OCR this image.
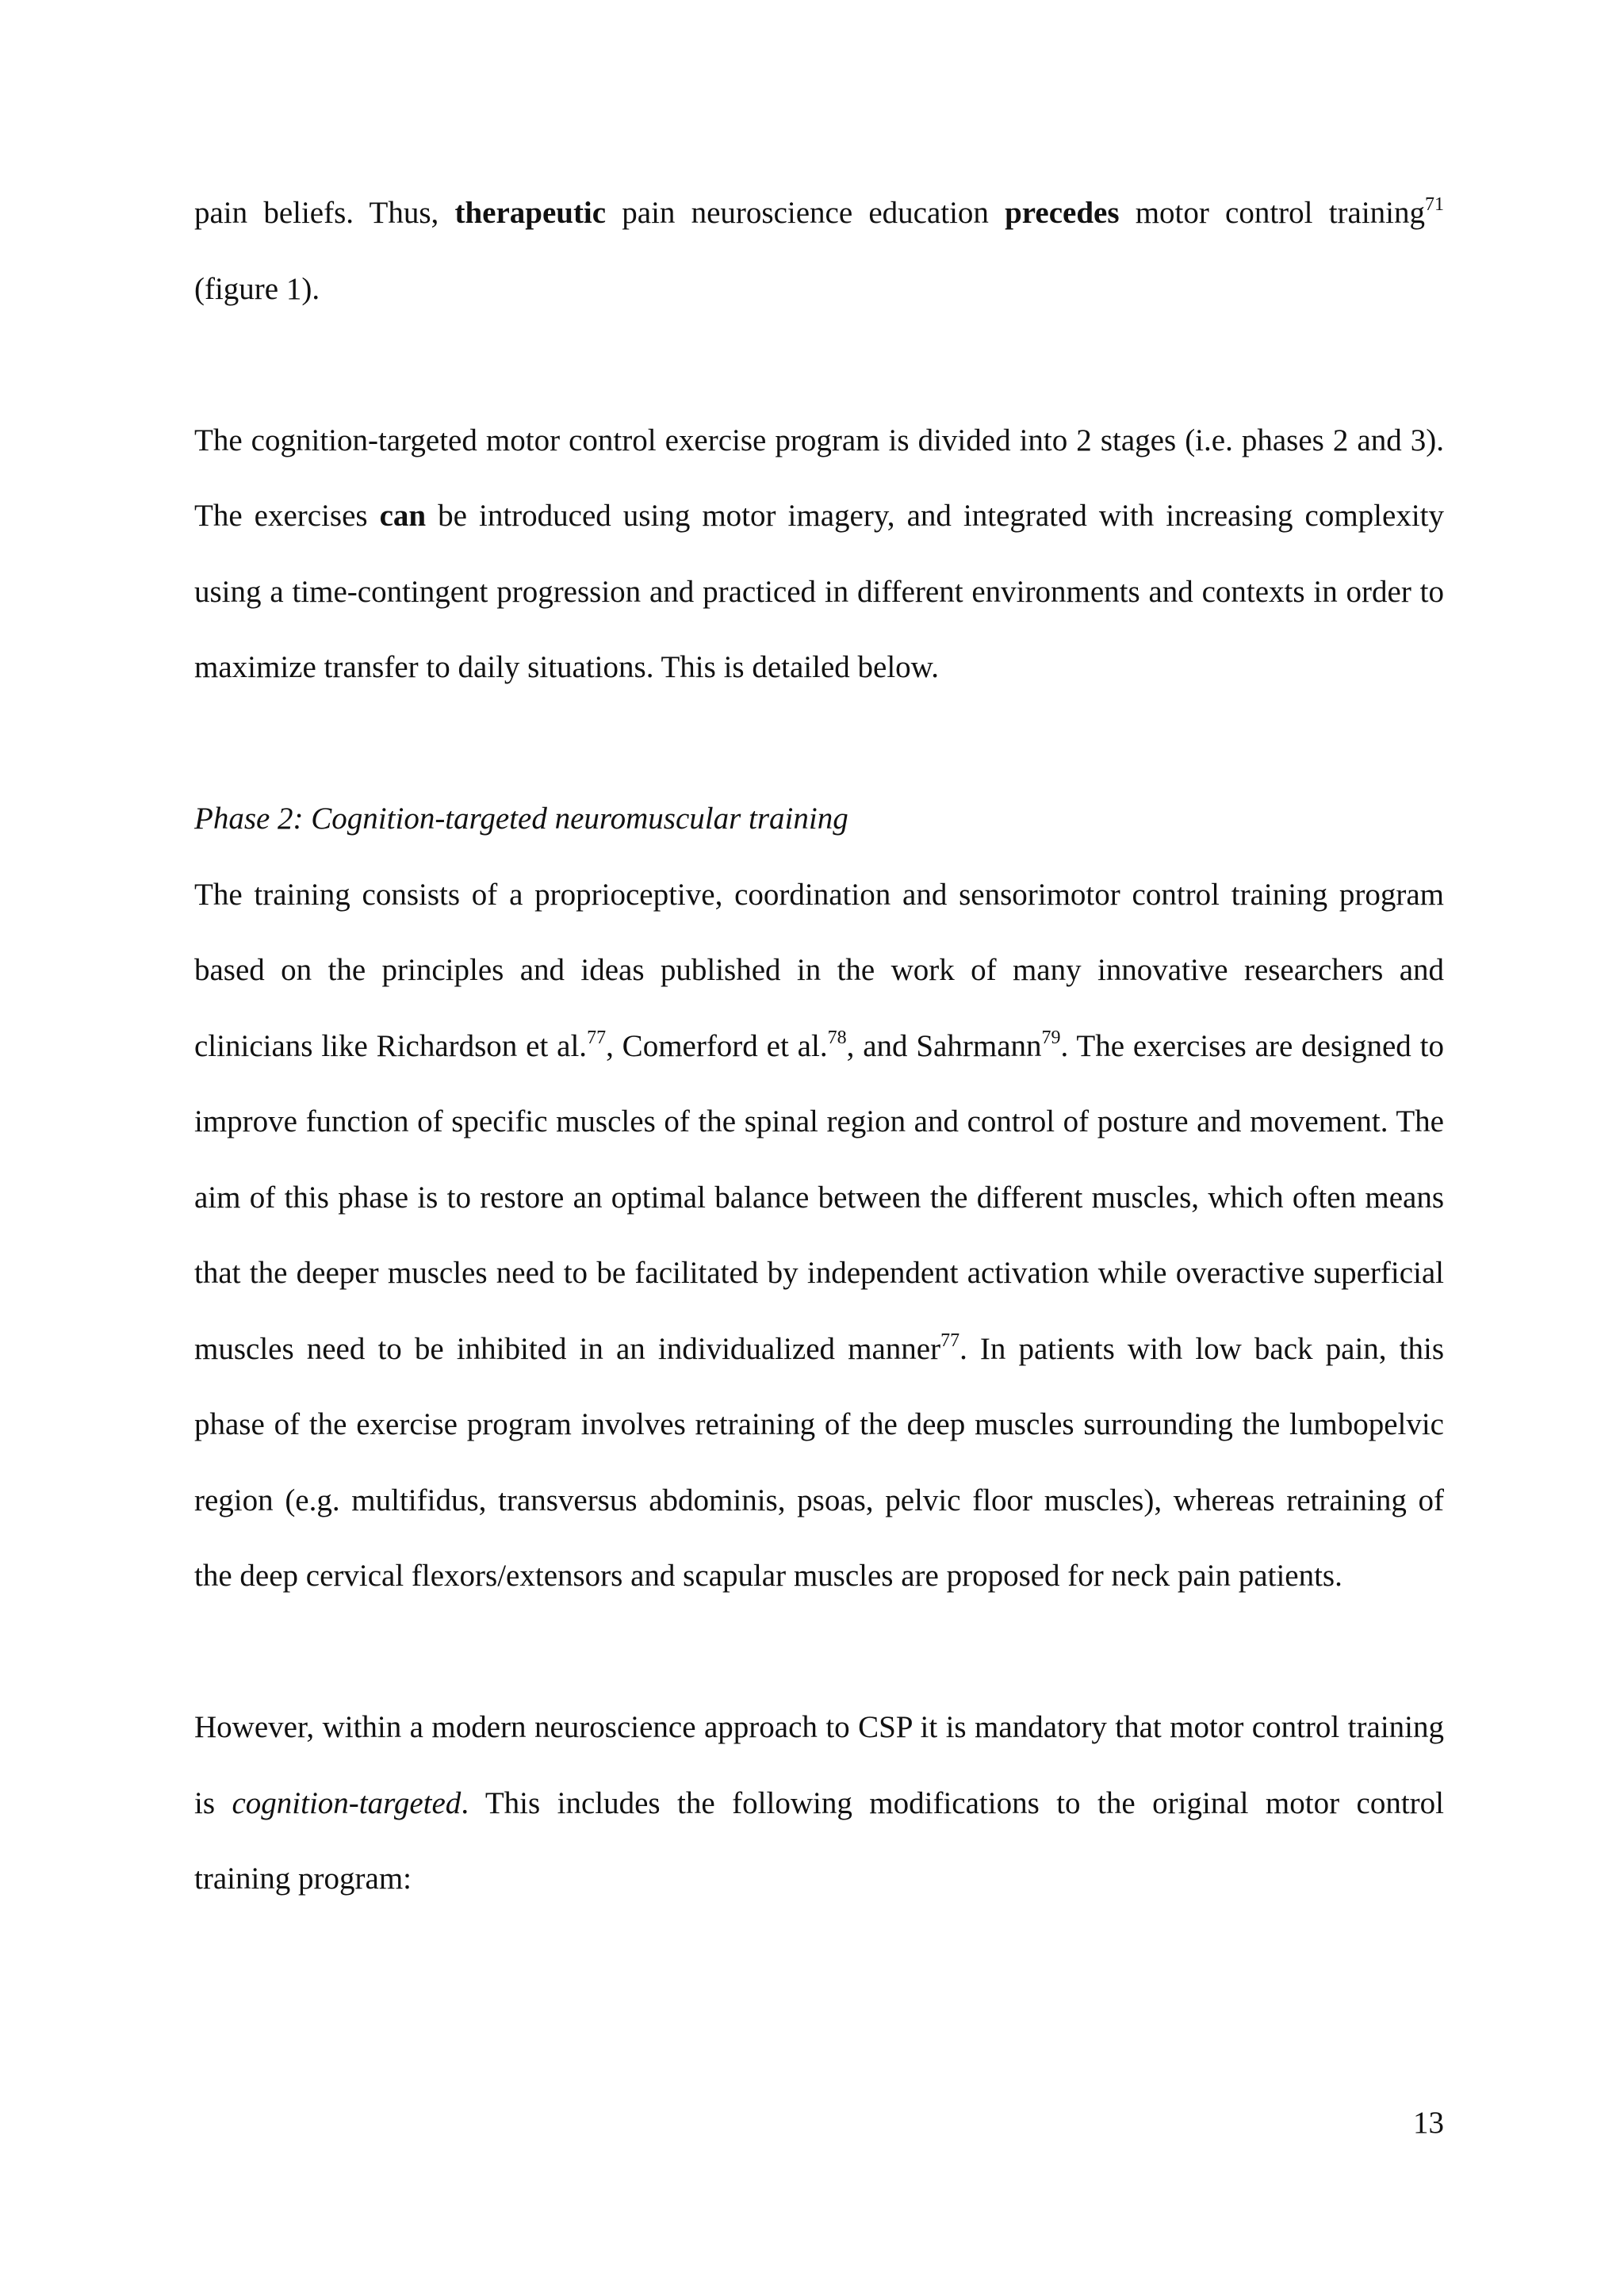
pain beliefs. Thus, therapeutic pain neuroscience education precedes motor control training$^{71}$ (figure 1).

The cognition-targeted motor control exercise program is divided into 2 stages (i.e. phases 2 and 3). The exercises can be introduced using motor imagery, and integrated with increasing complexity using a time-contingent progression and practiced in different environments and contexts in order to maximize transfer to daily situations. This is detailed below.

Phase 2: Cognition-targeted neuromuscular training

The training consists of a proprioceptive, coordination and sensorimotor control training program based on the principles and ideas published in the work of many innovative researchers and clinicians like Richardson et al.$^{77}$, Comerford et al.$^{78}$, and Sahrmann$^{79}$. The exercises are designed to improve function of specific muscles of the spinal region and control of posture and movement. The aim of this phase is to restore an optimal balance between the different muscles, which often means that the deeper muscles need to be facilitated by independent activation while overactive superficial muscles need to be inhibited in an individualized manner$^{77}$. In patients with low back pain, this phase of the exercise program involves retraining of the deep muscles surrounding the lumbopelvic region (e.g. multifidus, transversus abdominis, psoas, pelvic floor muscles), whereas retraining of the deep cervical flexors/extensors and scapular muscles are proposed for neck pain patients.

However, within a modern neuroscience approach to CSP it is mandatory that motor control training is cognition-targeted. This includes the following modifications to the original motor control training program:

13
